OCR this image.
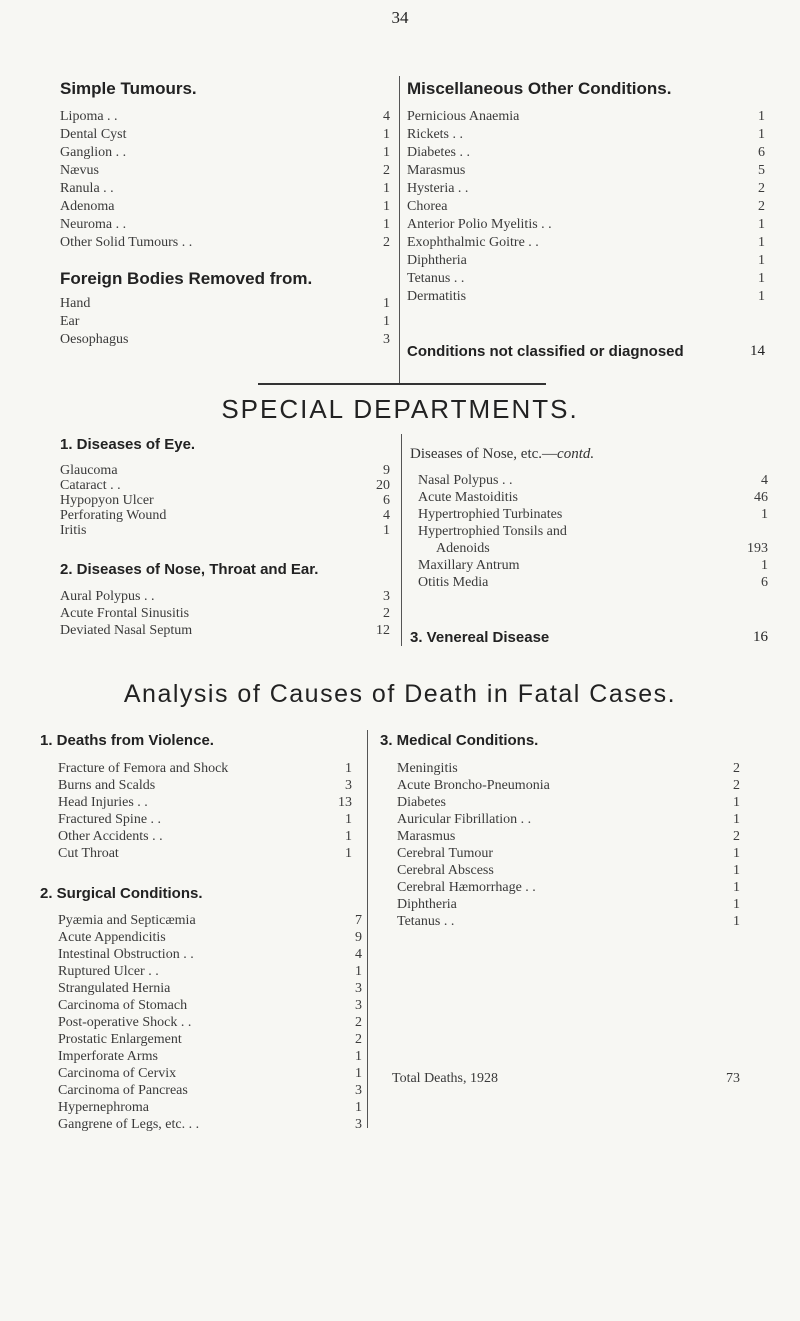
34
Simple Tumours.
Lipoma . .	4
Dental Cyst	1
Ganglion . .	1
Nævus	2
Ranula . .	1
Adenoma	1
Neuroma . .	1
Other Solid Tumours . .	2
Foreign Bodies Removed from.
Hand	1
Ear	1
Oesophagus	3
Miscellaneous Other Conditions.
Pernicious Anaemia	1
Rickets . .	1
Diabetes . .	6
Marasmus	5
Hysteria . .	2
Chorea	2
Anterior Polio Myelitis . .	1
Exophthalmic Goitre . .	1
Diphtheria	1
Tetanus . .	1
Dermatitis	1
Conditions not classified or diagnosed	14
SPECIAL DEPARTMENTS.
1. Diseases of Eye.
Glaucoma	9
Cataract . .	20
Hypopyon Ulcer	6
Perforating Wound	4
Iritis	1
2. Diseases of Nose, Throat and Ear.
Aural Polypus . .	3
Acute Frontal Sinusitis	2
Deviated Nasal Septum	12
Diseases of Nose, etc.—contd.
Nasal Polypus . .	4
Acute Mastoiditis	46
Hypertrophied Turbinates	1
Hypertrophied Tonsils and
Adenoids	193
Maxillary Antrum	1
Otitis Media	6
3. Venereal Disease	16
Analysis of Causes of Death in Fatal Cases.
1. Deaths from Violence.
Fracture of Femora and Shock	1
Burns and Scalds	3
Head Injuries . .	13
Fractured Spine . .	1
Other Accidents . .	1
Cut Throat	1
2. Surgical Conditions.
Pyæmia and Septicæmia	7
Acute Appendicitis	9
Intestinal Obstruction . .	4
Ruptured Ulcer . .	1
Strangulated Hernia	3
Carcinoma of Stomach	3
Post-operative Shock . .	2
Prostatic Enlargement	2
Imperforate Arms	1
Carcinoma of Cervix	1
Carcinoma of Pancreas	3
Hypernephroma	1
Gangrene of Legs, etc. . .	3
3. Medical Conditions.
Meningitis	2
Acute Broncho-Pneumonia	2
Diabetes	1
Auricular Fibrillation . .	1
Marasmus	2
Cerebral Tumour	1
Cerebral Abscess	1
Cerebral Hæmorrhage . .	1
Diphtheria	1
Tetanus . .	1
Total Deaths, 1928	73
